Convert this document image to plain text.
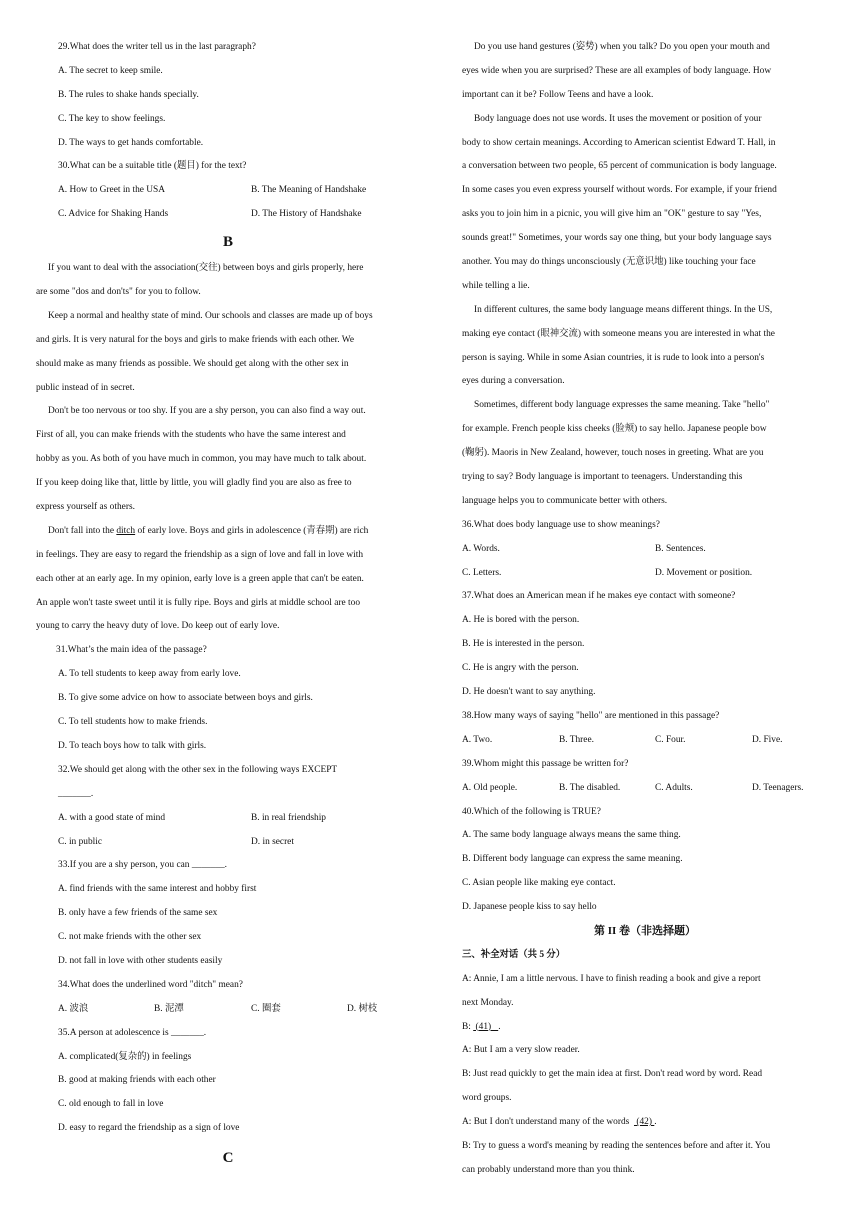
29.What does the writer tell us in the last paragraph?
A. The secret to keep smile.
B. The rules to shake hands specially.
C. The key to show feelings.
D. The ways to get hands comfortable.
30.What can be a suitable title (题目) for the text?
A. How to Greet in the USA	B. The Meaning of Handshake
C. Advice for Shaking Hands	D. The History of Handshake
B
If you want to deal with the association(交往) between boys and girls properly, here
are some "dos and don'ts" for you to follow.
Keep a normal and healthy state of mind. Our schools and classes are made up of boys
and girls. It is very natural for the boys and girls to make friends with each other. We
should make as many friends as possible. We should get along with the other sex in
public instead of in secret.
Don't be too nervous or too shy. If you are a shy person, you can also find a way out.
First of all, you can make friends with the students who have the same interest and
hobby as you. As both of you have much in common, you may have much to talk about.
If you keep doing like that, little by little, you will gladly find you are also as free to
express yourself as others.
Don't fall into the ditch of early love. Boys and girls in adolescence (青春期) are rich
in feelings. They are easy to regard the friendship as a sign of love and fall in love with
each other at an early age. In my opinion, early love is a green apple that can't be eaten.
An apple won't taste sweet until it is fully ripe. Boys and girls at middle school are too
young to carry the heavy duty of love. Do keep out of early love.
31.What’s the main idea of the passage?
A. To tell students to keep away from early love.
B. To give some advice on how to associate between boys and girls.
C. To tell students how to make friends.
D. To teach boys how to talk with girls.
32.We should get along with the other sex in the following ways EXCEPT
_______.
A. with a good state of mind	B. in real friendship
C. in public	D. in secret
33.If you are a shy person, you can _______.
A. find friends with the same interest and hobby first
B. only have a few friends of the same sex
C. not make friends with the other sex
D. not fall in love with other students easily
34.What does the underlined word "ditch" mean?
A. 波浪	B. 泥潭	C. 圈套	D. 树枝
35.A person at adolescence is _______.
A. complicated(复杂的) in feelings
B. good at making friends with each other
C. old enough to fall in love
D. easy to regard the friendship as a sign of love
C
Do you use hand gestures (姿势) when you talk? Do you open your mouth and
eyes wide when you are surprised? These are all examples of body language. How
important can it be? Follow Teens and have a look.
Body language does not use words. It uses the movement or position of your
body to show certain meanings. According to American scientist Edward T. Hall, in
a conversation between two people, 65 percent of communication is body language.
In some cases you even express yourself without words. For example, if your friend
asks you to join him in a picnic, you will give him an "OK" gesture to say "Yes,
sounds great!" Sometimes, your words say one thing, but your body language says
another. You may do things unconsciously (无意识地) like touching your face
while telling a lie.
In different cultures, the same body language means different things. In the US,
making eye contact (眼神交流) with someone means you are interested in what the
person is saying. While in some Asian countries, it is rude to look into a person's
eyes during a conversation.
Sometimes, different body language expresses the same meaning. Take "hello"
for example. French people kiss cheeks (脸颊) to say hello. Japanese people bow
(鞠躬). Maoris in New Zealand, however, touch noses in greeting. What are you
trying to say? Body language is important to teenagers. Understanding this
language helps you to communicate better with others.
36.What does body language use to show meanings?
A. Words.	B. Sentences.
C. Letters.	D. Movement or position.
37.What does an American mean if he makes eye contact with someone?
A. He is bored with the person.
B. He is interested in the person.
C. He is angry with the person.
D. He doesn't want to say anything.
38.How many ways of saying "hello" are mentioned in this passage?
A. Two.	B. Three.	C. Four.	D. Five.
39.Whom might this passage be written for?
A. Old people.	B. The disabled.	C. Adults.	D. Teenagers.
40.Which of the following is TRUE?
A. The same body language always means the same thing.
B. Different body language can express the same meaning.
C. Asian people like making eye contact.
D. Japanese people kiss to say hello
第 II 卷（非选择题）
三、补全对话（共 5 分）
A: Annie, I am a little nervous. I have to finish reading a book and give a report
next Monday.
B:  (41)   .
A: But I am a very slow reader.
B: Just read quickly to get the main idea at first. Don't read word by word. Read
word groups.
A: But I don't understand many of the words   (42) .
B: Try to guess a word's meaning by reading the sentences before and after it. You
can probably understand more than you think.
